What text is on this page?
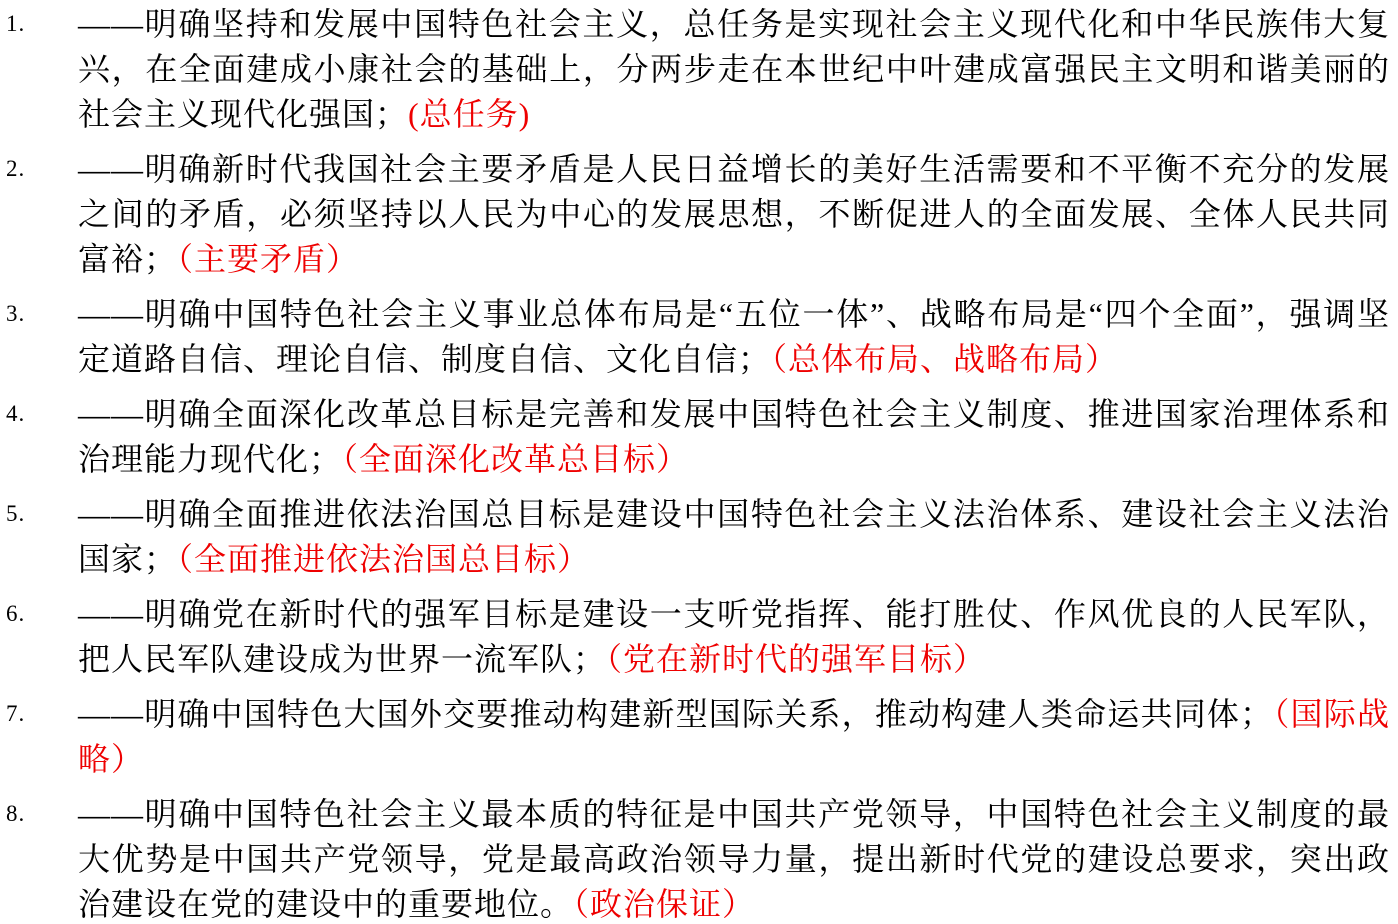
1. ——明确坚持和发展中国特色社会主义，总任务是实现社会主义现代化和中华民族伟大复兴，在全面建成小康社会的基础上，分两步走在本世纪中叶建成富强民主文明和谐美丽的社会主义现代化强国；(总任务)

2. ——明确新时代我国社会主要矛盾是人民日益增长的美好生活需要和不平衡不充分的发展之间的矛盾，必须坚持以人民为中心的发展思想，不断促进人的全面发展、全体人民共同富裕；（主要矛盾）

3. ——明确中国特色社会主义事业总体布局是“五位一体”、战略布局是“四个全面”，强调坚定道路自信、理论自信、制度自信、文化自信；（总体布局、战略布局）

4. ——明确全面深化改革总目标是完善和发展中国特色社会主义制度、推进国家治理体系和治理能力现代化；（全面深化改革总目标）

5. ——明确全面推进依法治国总目标是建设中国特色社会主义法治体系、建设社会主义法治国家；（全面推进依法治国总目标）

6. ——明确党在新时代的强军目标是建设一支听党指挥、能打胜仗、作风优良的人民军队，把人民军队建设成为世界一流军队；（党在新时代的强军目标）

7. ——明确中国特色大国外交要推动构建新型国际关系，推动构建人类命运共同体；（国际战略）

8. ——明确中国特色社会主义最本质的特征是中国共产党领导，中国特色社会主义制度的最大优势是中国共产党领导，党是最高政治领导力量，提出新时代党的建设总要求，突出政治建设在党的建设中的重要地位。（政治保证）
